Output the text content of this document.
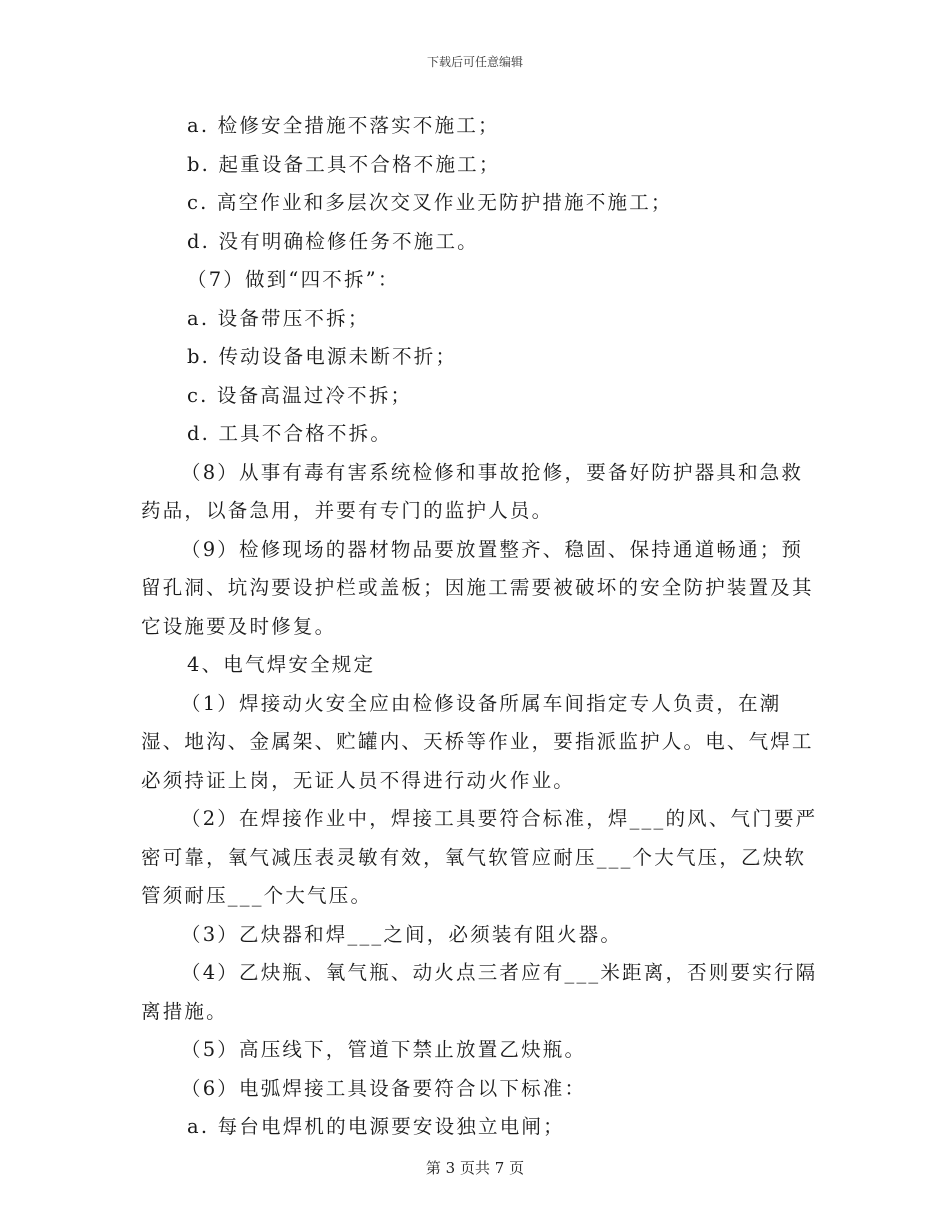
下载后可任意编辑

a. 检修安全措施不落实不施工；

b. 起重设备工具不合格不施工；

c. 高空作业和多层次交叉作业无防护措施不施工；

d. 没有明确检修任务不施工。

（7）做到“四不拆”：

a. 设备带压不拆；

b. 传动设备电源未断不折；

c. 设备高温过冷不拆；

d. 工具不合格不拆。

（8）从事有毒有害系统检修和事故抢修，要备好防护器具和急救药品，以备急用，并要有专门的监护人员。

（9）检修现场的器材物品要放置整齐、稳固、保持通道畅通；预留孔洞、坑沟要设护栏或盖板；因施工需要被破坏的安全防护装置及其它设施要及时修复。

4、电气焊安全规定

（1）焊接动火安全应由检修设备所属车间指定专人负责，在潮湿、地沟、金属架、贮罐内、天桥等作业，要指派监护人。电、气焊工必须持证上岗，无证人员不得进行动火作业。

（2）在焊接作业中，焊接工具要符合标准，焊___的风、气门要严密可靠，氧气减压表灵敏有效，氧气软管应耐压___个大气压，乙炔软管须耐压___个大气压。

（3）乙炔器和焊___之间，必须装有阻火器。

（4）乙炔瓶、氧气瓶、动火点三者应有___米距离，否则要实行隔离措施。

（5）高压线下，管道下禁止放置乙炔瓶。

（6）电弧焊接工具设备要符合以下标准：

a. 每台电焊机的电源要安设独立电闸；

第 3 页共 7 页
